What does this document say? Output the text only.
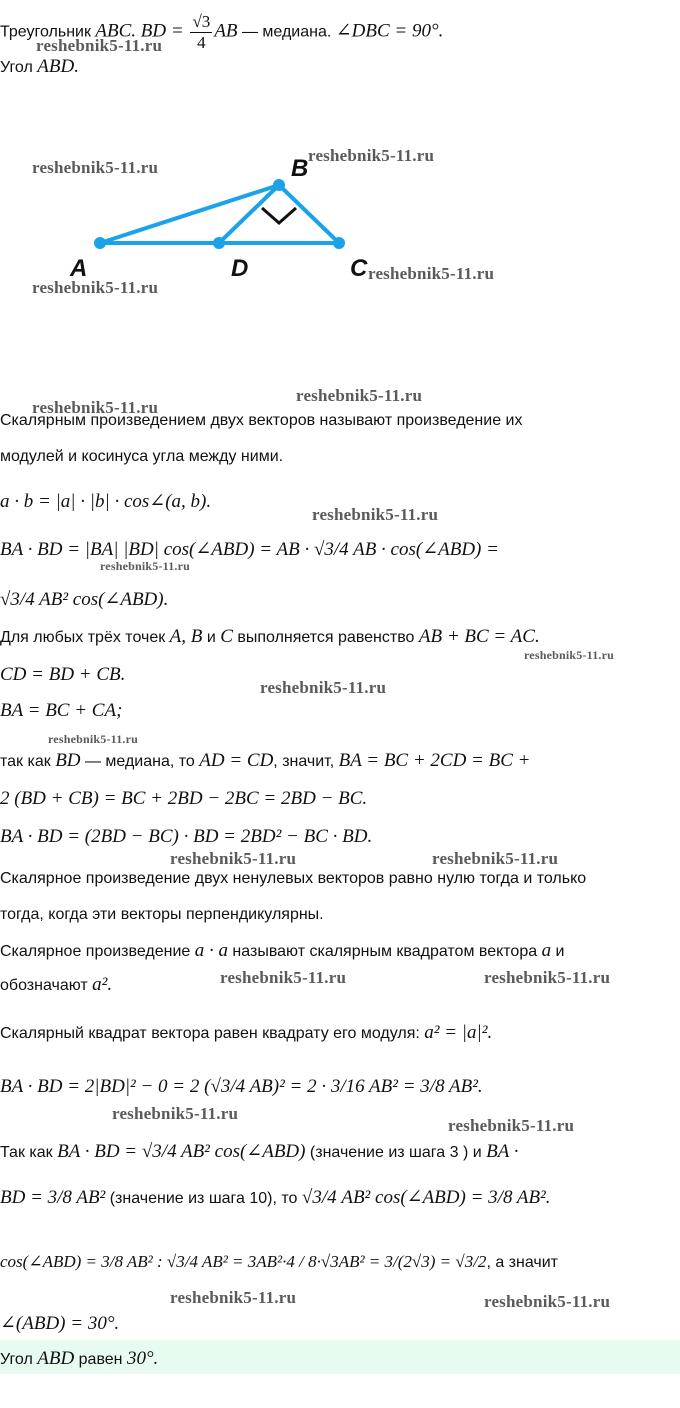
Треугольник ABC. BD = $\frac{√3}{4}$ AB — медиана. ∠DBC = 90°.
reshebnik5-11.ru
Угол ABD.
B
A	D	C
reshebnik5-11.ru
reshebnik5-11.ru
reshebnik5-11.ru
reshebnik5-11.ru
reshebnik5-11.ru
reshebnik5-11.ru
Скалярным произведением двух векторов называют произведение их
модулей и косинуса угла между ними.
a · b = |a| · |b| · cos∠(a, b).
reshebnik5-11.ru
BA · BD = |BA| |BD| cos(∠ABD) = AB · √3/4 AB · cos(∠ABD) =
reshebnik5-11.ru
√3/4 AB² cos(∠ABD).
Для любых трёх точек A, B и C выполняется равенство AB + BC = AC.
reshebnik5-11.ru
CD = BD + CB.
reshebnik5-11.ru
BA = BC + CA;
reshebnik5-11.ru
так как BD — медиана, то AD = CD, значит, BA = BC + 2CD = BC +
2 (BD + CB) = BC + 2BD − 2BC = 2BD − BC.
BA · BD = (2BD − BC) · BD = 2BD² − BC · BD.
reshebnik5-11.ru	reshebnik5-11.ru
Скалярное произведение двух ненулевых векторов равно нулю тогда и только
тогда, когда эти векторы перпендикулярны.
Скалярное произведение a · a называют скалярным квадратом вектора a и
обозначают a².	reshebnik5-11.ru	reshebnik5-11.ru
Скалярный квадрат вектора равен квадрату его модуля: a² = |a|².
BA · BD = 2|BD|² − 0 = 2 (√3/4 AB)² = 2 · 3/16 AB² = 3/8 AB².
reshebnik5-11.ru
reshebnik5-11.ru
Так как BA · BD = √3/4 AB² cos(∠ABD) (значение из шага 3 ) и BA ·
BD = 3/8 AB² (значение из шага 10), то √3/4 AB² cos(∠ABD) = 3/8 AB².
cos(∠ABD) = 3/8 AB² : √3/4 AB² = 3AB²·4 / 8·√3AB² = 3/(2√3) = √3/2, а значит
reshebnik5-11.ru	reshebnik5-11.ru
∠(ABD) = 30°.
Угол ABD равен 30°.
